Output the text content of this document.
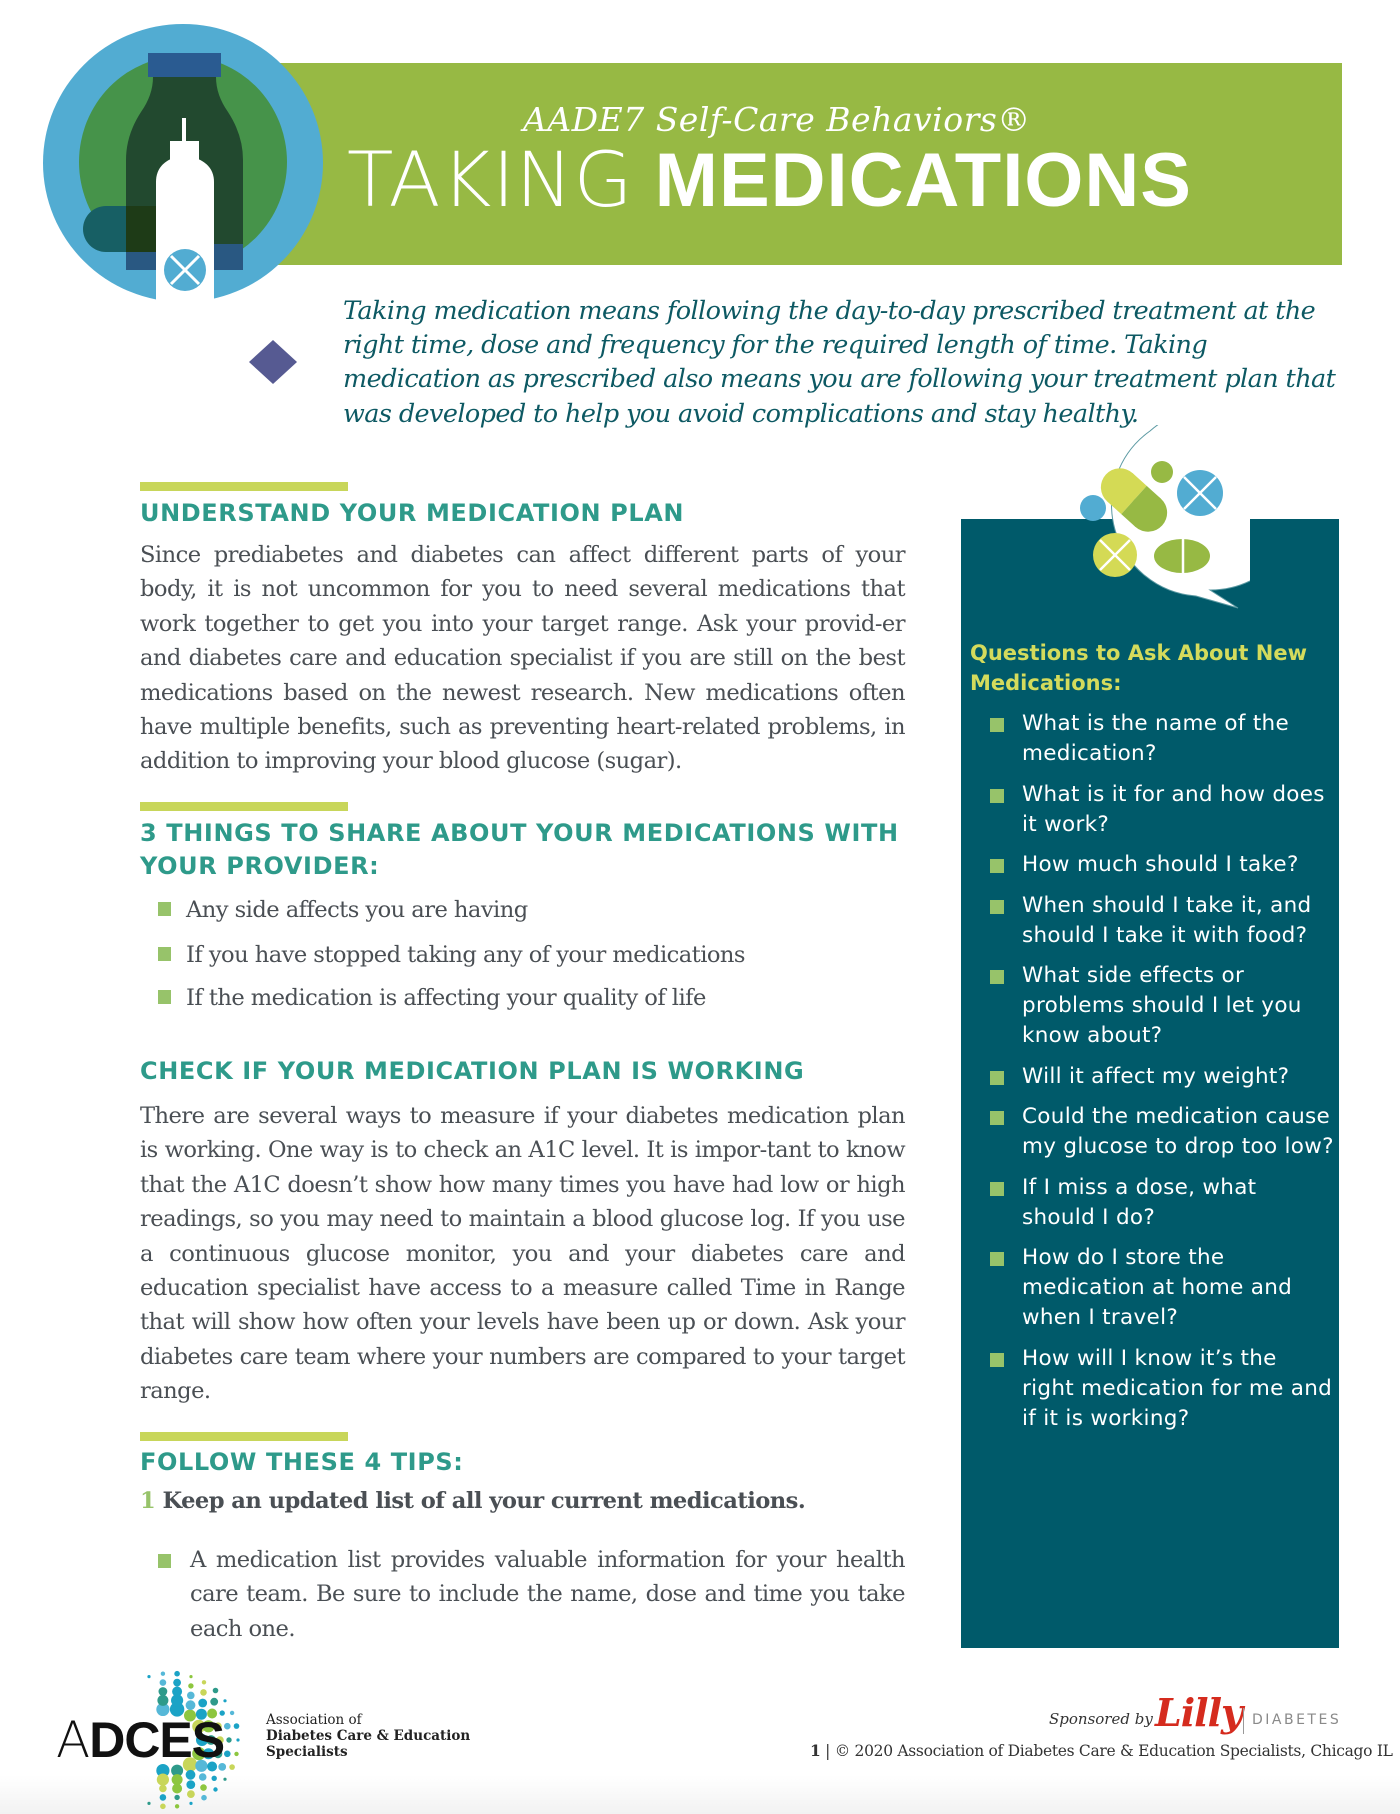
AADE7 Self-Care Behaviors®
TAKING MEDICATIONS
Taking medication means following the day-to-day prescribed treatment at the right time, dose and frequency for the required length of time. Taking medication as prescribed also means you are following your treatment plan that was developed to help you avoid complications and stay healthy.
UNDERSTAND YOUR MEDICATION PLAN
Since prediabetes and diabetes can affect different parts of your body, it is not uncommon for you to need several medications that work together to get you into your target range. Ask your provid-er and diabetes care and education specialist if you are still on the best medications based on the newest research. New medications often have multiple benefits, such as preventing heart-related problems, in addition to improving your blood glucose (sugar).
3 THINGS TO SHARE ABOUT YOUR MEDICATIONS WITH
YOUR PROVIDER:
Any side affects you are having
If you have stopped taking any of your medications
If the medication is affecting your quality of life
CHECK IF YOUR MEDICATION PLAN IS WORKING
There are several ways to measure if your diabetes medication plan is working. One way is to check an A1C level. It is impor-tant to know that the A1C doesn’t show how many times you have had low or high readings, so you may need to maintain a blood glucose log. If you use a continuous glucose monitor, you and your diabetes care and education specialist have access to a measure called Time in Range that will show how often your levels have been up or down. Ask your diabetes care team where your numbers are compared to your target range.
FOLLOW THESE 4 TIPS:
1 Keep an updated list of all your current medications.
A medication list provides valuable information for your health care team. Be sure to include the name, dose and time you take each one.
Questions to Ask About New Medications:
What is the name of the medication?
What is it for and how does it work?
How much should I take?
When should I take it, and should I take it with food?
What side effects or problems should I let you know about?
Will it affect my weight?
Could the medication cause my glucose to drop too low?
If I miss a dose, what should I do?
How do I store the medication at home and when I travel?
How will I know it’s the right medication for me and if it is working?
ADCES	Association of
Diabetes Care & Education
Specialists
Sponsored by Lilly DIABETES
1 | © 2020 Association of Diabetes Care & Education Specialists, Chicago IL
